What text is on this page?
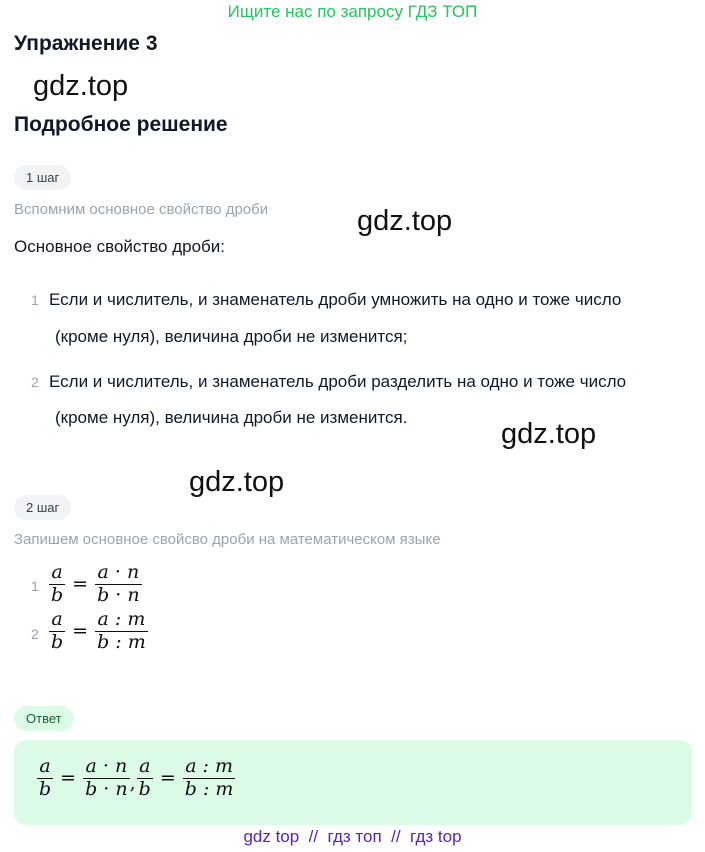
Ищите нас по запросу ГДЗ ТОП
Упражнение 3
gdz.top
Подробное решение
1 шаг
Вспомним основное свойство дроби	gdz.top
Основное свойство дроби:
1 Если и числитель, и знаменатель дроби умножить на одно и тоже число
(кроме нуля), величина дроби не изменится;
2 Если и числитель, и знаменатель дроби разделить на одно и тоже число
(кроме нуля), величина дроби не изменится.
gdz.top
gdz.top
2 шаг
Запишем основное свойсво дроби на математическом языке
$1 \frac{a}{b} = \frac{a \cdot n}{b \cdot n}$
$2 \frac{a}{b} = \frac{a : m}{b : m}$
Ответ
$\frac{a}{b} = \frac{a \cdot n}{b \cdot n}$ , $\frac{a}{b} = \frac{a : m}{b : m}$
gdz top  //  гдз топ  //  гдз top
